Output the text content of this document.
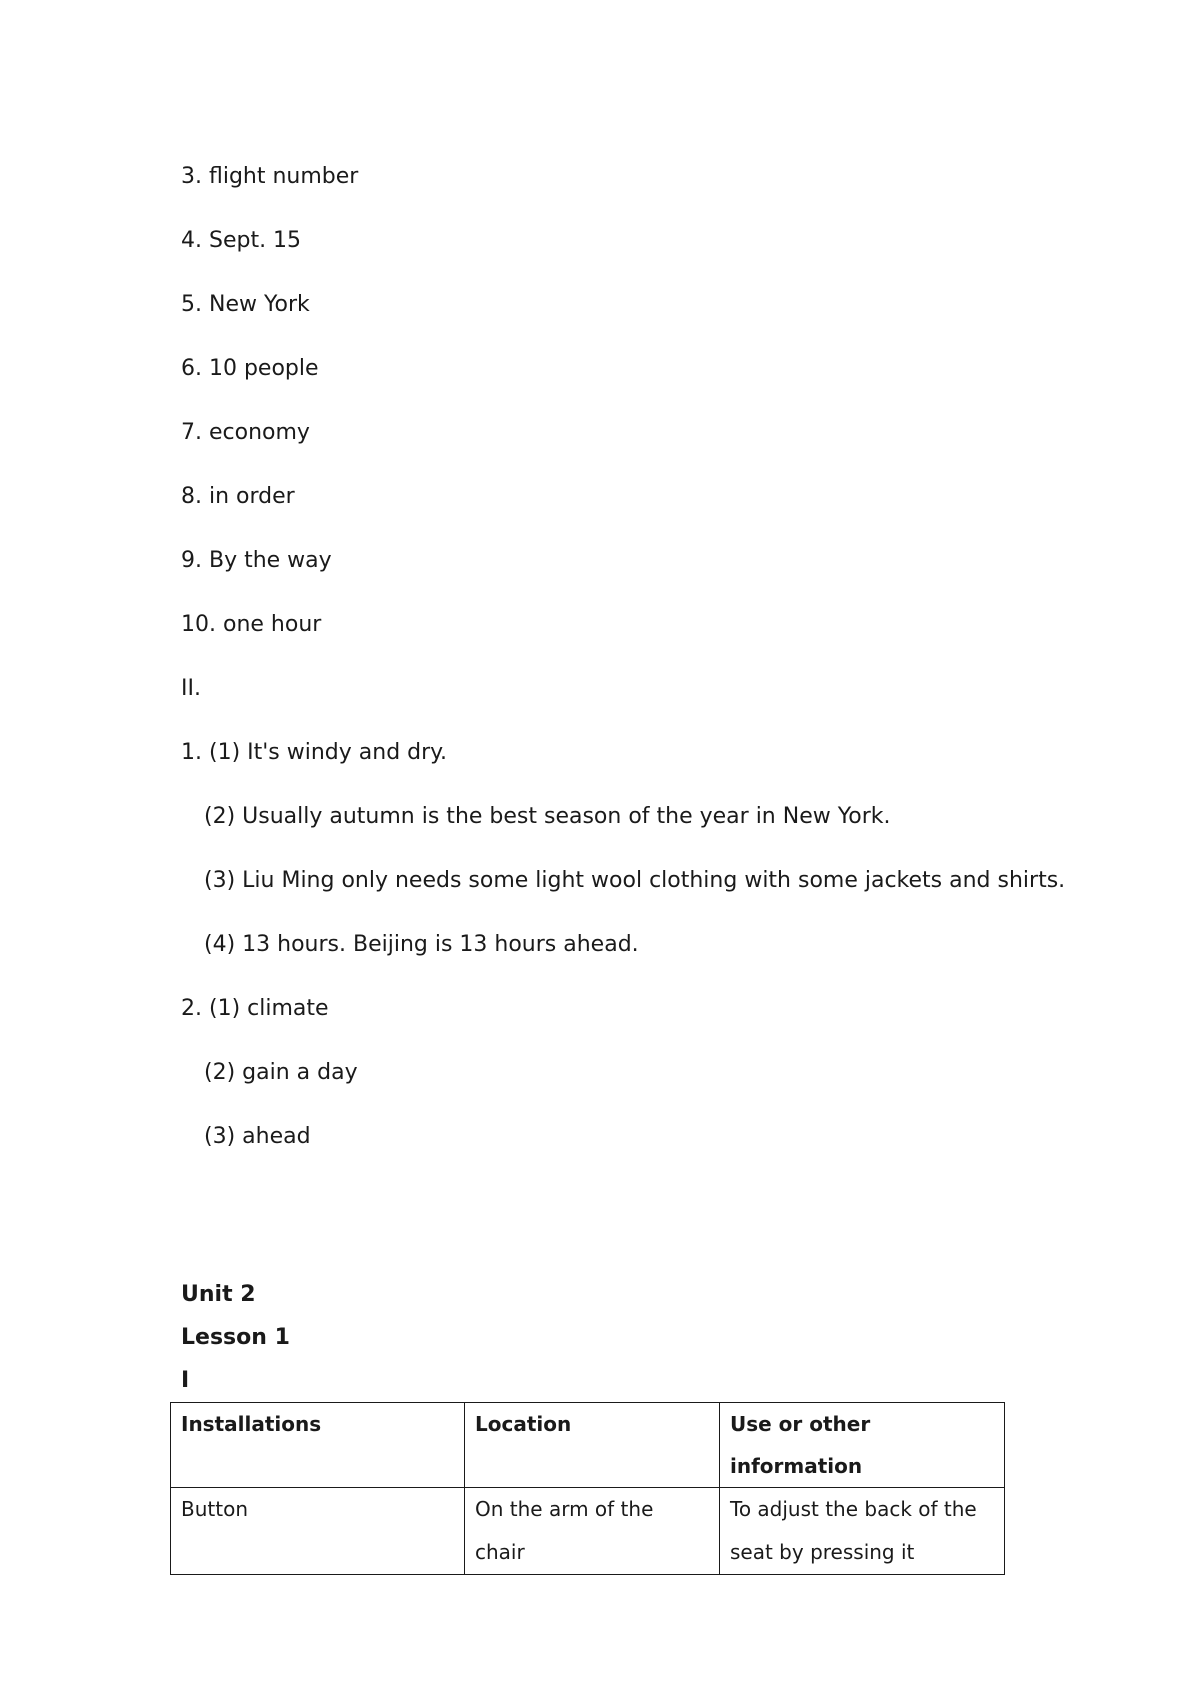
3. flight number
4. Sept. 15
5. New York
6. 10 people
7. economy
8. in order
9. By the way
10. one hour
II.
1. (1) It's windy and dry.
(2) Usually autumn is the best season of the year in New York.
(3) Liu Ming only needs some light wool clothing with some jackets and shirts.
(4) 13 hours. Beijing is 13 hours ahead.
2. (1) climate
(2) gain a day
(3) ahead
Unit 2
Lesson 1
I
Installations	Location	Use or other information
Button	On the arm of the chair	To adjust the back of the seat by pressing it
